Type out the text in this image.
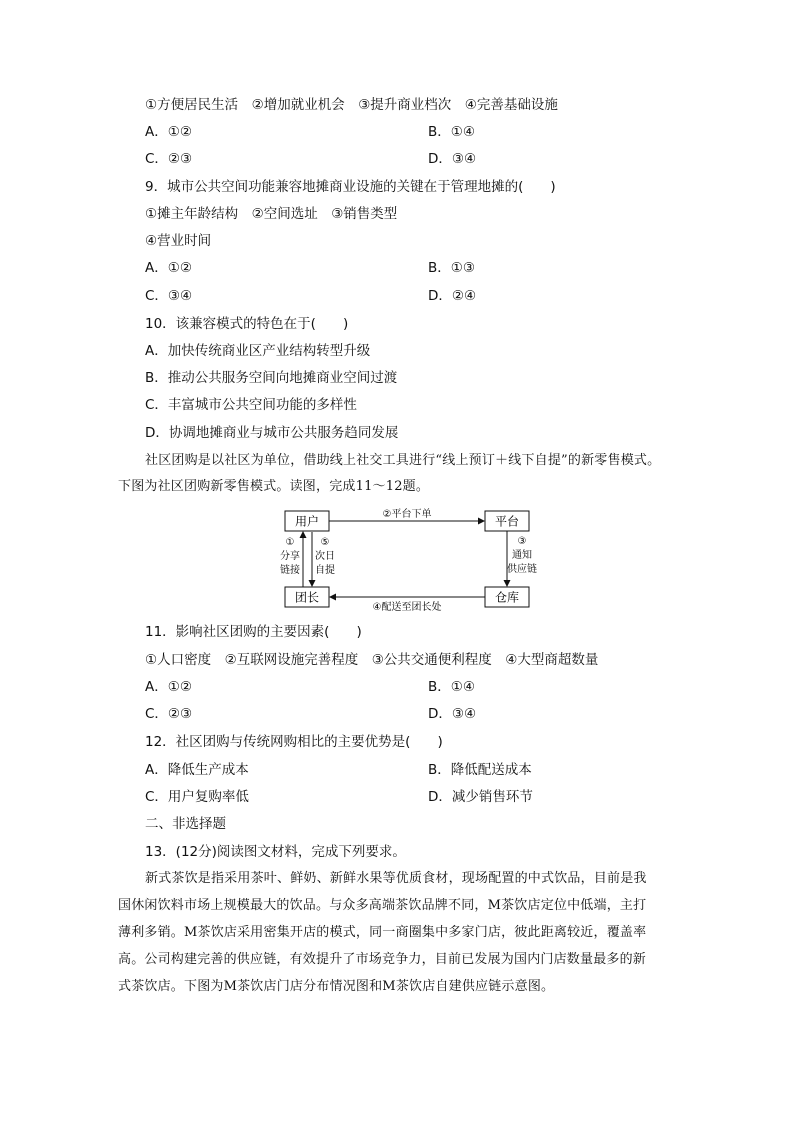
①方便居民生活　②增加就业机会　③提升商业档次　④完善基础设施
A．①②	B．①④
C．②③	D．③④
9．城市公共空间功能兼容地摊商业设施的关键在于管理地摊的(　　)
①摊主年龄结构　②空间选址　③销售类型
④营业时间
A．①②	B．①③
C．③④	D．②④
10．该兼容模式的特色在于(　　)
A．加快传统商业区产业结构转型升级
B．推动公共服务空间向地摊商业空间过渡
C．丰富城市公共空间功能的多样性
D．协调地摊商业与城市公共服务趋同发展
社区团购是以社区为单位，借助线上社交工具进行“线上预订＋线下自提”的新零售模式。
下图为社区团购新零售模式。读图，完成11～12题。
用户	平台
团长	仓库
②平台下单
③
通知
供应链
④配送至团长处
①
分享
链接
⑤
次日
自提
11．影响社区团购的主要因素(　　)
①人口密度　②互联网设施完善程度　③公共交通便利程度　④大型商超数量
A．①②	B．①④
C．②③	D．③④
12．社区团购与传统网购相比的主要优势是(　　)
A．降低生产成本	B．降低配送成本
C．用户复购率低	D．减少销售环节
二、非选择题
13．(12分)阅读图文材料，完成下列要求。
新式茶饮是指采用茶叶、鲜奶、新鲜水果等优质食材，现场配置的中式饮品，目前是我
国休闲饮料市场上规模最大的饮品。与众多高端茶饮品牌不同，M茶饮店定位中低端，主打
薄利多销。M茶饮店采用密集开店的模式，同一商圈集中多家门店，彼此距离较近，覆盖率
高。公司构建完善的供应链，有效提升了市场竞争力，目前已发展为国内门店数量最多的新
式茶饮店。下图为M茶饮店门店分布情况图和M茶饮店自建供应链示意图。
